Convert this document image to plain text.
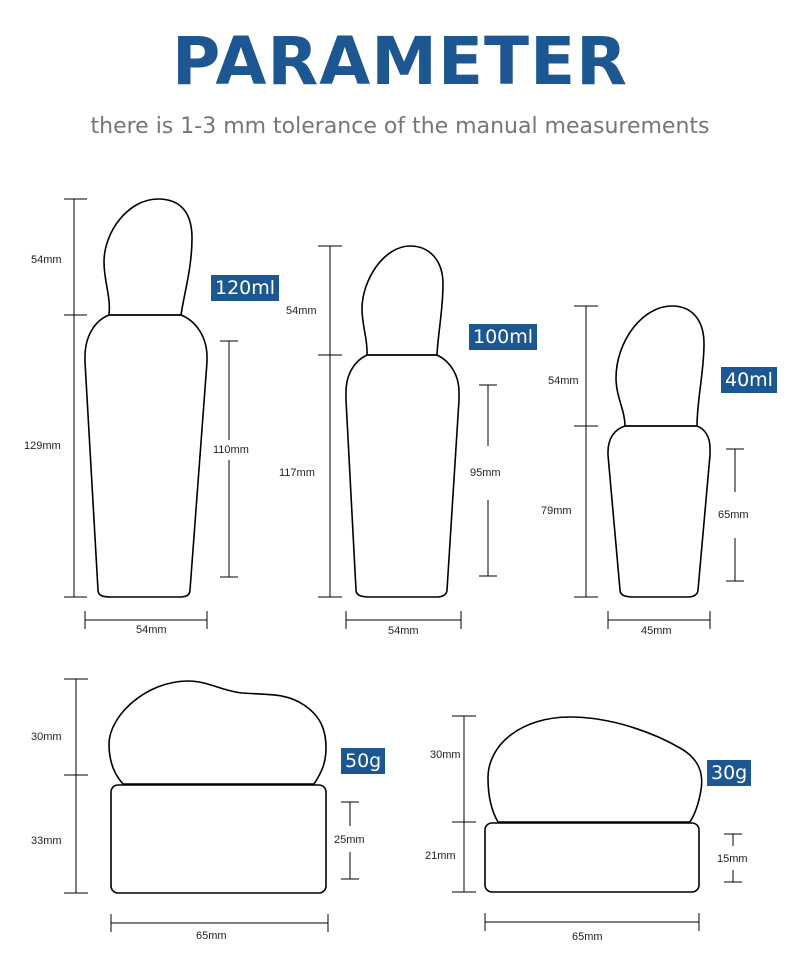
PARAMETER
there is 1-3 mm tolerance of the manual measurements
120ml
100ml
40ml
50g
30g
54mm
129mm	110mm
54mm
54mm
117mm	95mm
54mm
54mm
79mm	65mm
45mm
30mm
33mm	25mm
65mm
30mm
21mm	15mm
65mm
